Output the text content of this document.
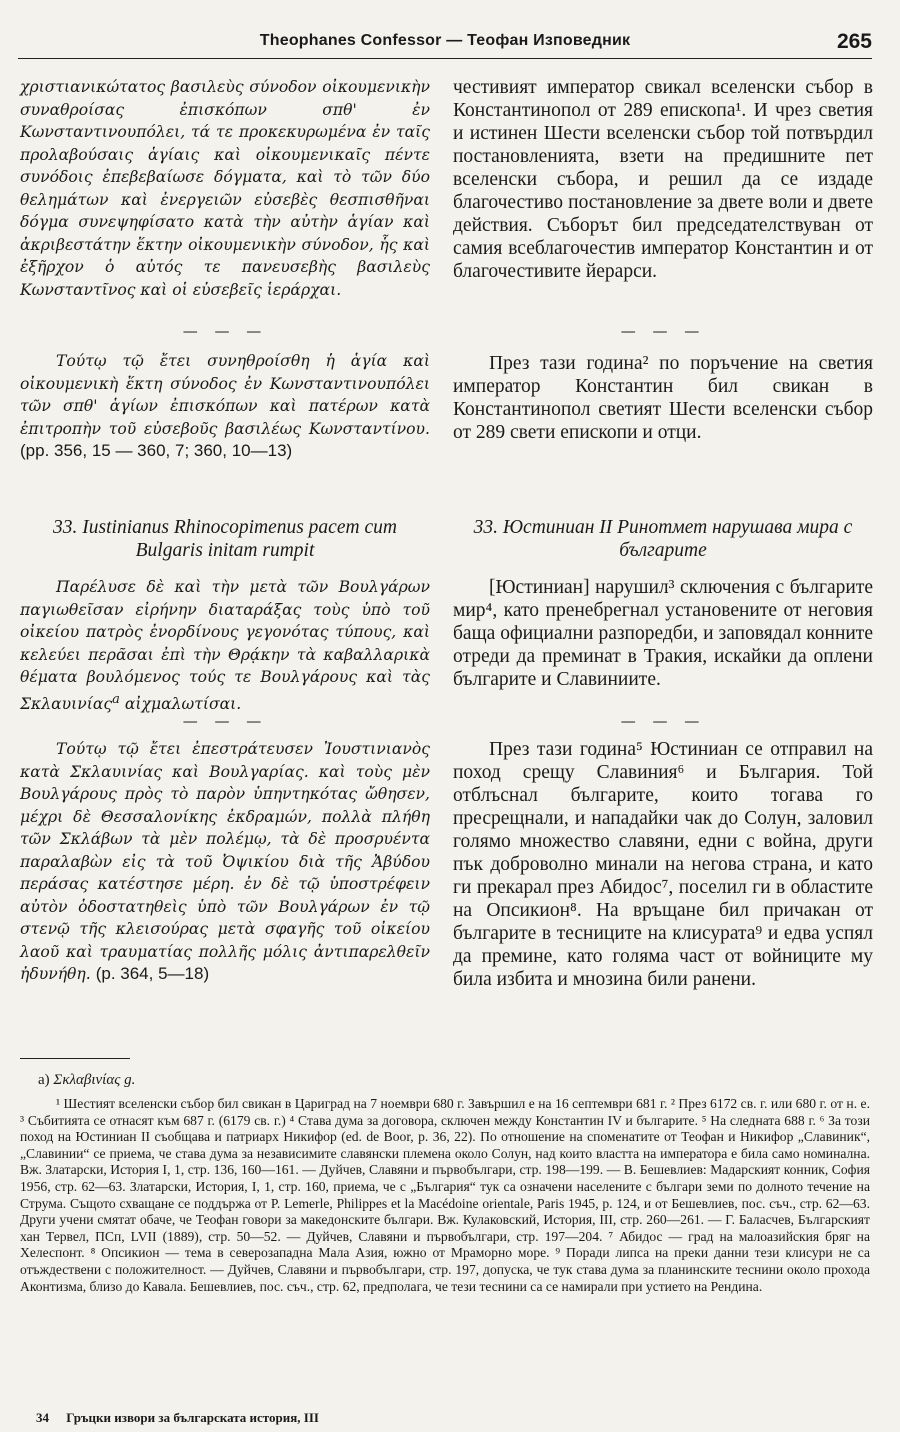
Theophanes Confessor — Теофан Изповедник	265

χριστιανικώτατος βασιλεὺς σύνοδον οἰκουμενικὴν συναθροίσας ἐπισκόπων σπθ' ἐν Κωνσταντινουπόλει, τά τε προκεκυρωμένα ἐν ταῖς προλαβούσαις ἁγίαις καὶ οἰκουμενικαῖς πέντε συνόδοις ἐπεβεβαίωσε δόγματα, καὶ τὸ τῶν δύο θελημάτων καὶ ἐνεργειῶν εὐσεβὲς θεσπισθῆναι δόγμα συνεψηφίσατο κατὰ τὴν αὐτὴν ἁγίαν καὶ ἀκριβεστάτην ἕκτην οἰκουμενικὴν σύνοδον, ἧς καὶ ἐξῆρχον ὁ αὐτός τε πανευσεβὴς βασιλεὺς Κωνσταντῖνος καὶ οἱ εὐσεβεῖς ἱεράρχαι.

— — —

Τούτῳ τῷ ἔτει συνηθροίσθη ἡ ἁγία καὶ οἰκουμενικὴ ἕκτη σύνοδος ἐν Κωνσταντινουπόλει τῶν σπθ' ἁγίων ἐπισκόπων καὶ πατέρων κατὰ ἐπιτροπὴν τοῦ εὐσεβοῦς βασιλέως Κωνσταντίνου. (pp. 356, 15 — 360, 7; 360, 10—13)

33. Iustinianus Rhinocopimenus pacem cum Bulgaris initam rumpit

Παρέλυσε δὲ καὶ τὴν μετὰ τῶν Βουλγάρων παγιωθεῖσαν εἰρήνην διαταράξας τοὺς ὑπὸ τοῦ οἰκείου πατρὸς ἐνορδίνους γεγονότας τύπους, καὶ κελεύει περᾶσαι ἐπὶ τὴν Θρᾴκην τὰ καβαλλαρικὰ θέματα βουλόμενος τούς τε Βουλγάρους καὶ τὰς Σκλαυινίας$^a$ αἰχμαλωτίσαι.

— — —

Τούτῳ τῷ ἔτει ἐπεστράτευσεν Ἰουστινιανὸς κατὰ Σκλαυινίας καὶ Βουλγαρίας. καὶ τοὺς μὲν Βουλγάρους πρὸς τὸ παρὸν ὑπηντηκότας ὤθησεν, μέχρι δὲ Θεσσαλονίκης ἐκδραμών, πολλὰ πλήθη τῶν Σκλάβων τὰ μὲν πολέμῳ, τὰ δὲ προσρυέντα παραλαβὼν εἰς τὰ τοῦ Ὀψικίου διὰ τῆς Ἀβύδου περάσας κατέστησε μέρη. ἐν δὲ τῷ ὑποστρέφειν αὐτὸν ὁδοστατηθεὶς ὑπὸ τῶν Βουλγάρων ἐν τῷ στενῷ τῆς κλεισούρας μετὰ σφαγῆς τοῦ οἰκείου λαοῦ καὶ τραυματίας πολλῆς μόλις ἀντιπαρελθεῖν ἠδυνήθη. (p. 364, 5—18)

честивият император свикал вселенски събор в Константинопол от 289 епископа¹. И чрез светия и истинен Шести вселенски събор той потвърдил постановленията, взети на предишните пет вселенски събора, и решил да се издаде благочестиво постановление за двете воли и двете действия. Съборът бил председателствуван от самия всеблагочестив император Константин и от благочестивите йерарси.

— — —

През тази година² по поръчение на светия император Константин бил свикан в Константинопол светият Шести вселенски събор от 289 свети епископи и отци.

33. Юстиниан II Ринотмет нарушава мира с българите

[Юстиниан] нарушил³ сключения с българите мир⁴, като пренебрегнал установените от неговия баща официални разпоредби, и заповядал конните отреди да преминат в Тракия, искайки да оплени българите и Славиниите.

— — —

През тази година⁵ Юстиниан се отправил на поход срещу Славиния⁶ и България. Той отблъснал българите, които тогава го пресрещнали, и нападайки чак до Солун, заловил голямо множество славяни, едни с война, други пък доброволно минали на негова страна, и като ги прекарал през Абидос⁷, поселил ги в областите на Опсикион⁸. На връщане бил причакан от българите в тесниците на клисурата⁹ и едва успял да премине, като голяма част от войниците му била избита и мнозина били ранени.

a) Σκλαβινίας g.

¹ Шестият вселенски събор бил свикан в Цариград на 7 ноември 680 г. Завършил е на 16 септември 681 г. ² През 6172 св. г. или 680 г. от н. е. ³ Събитията се отнасят към 687 г. (6179 св. г.) ⁴ Става дума за договора, сключен между Константин IV и българите. ⁵ На следната 688 г. ⁶ За този поход на Юстиниан II съобщава и патриарх Никифор (ed. de Boor, p. 36, 22). По отношение на споменатите от Теофан и Никифор „Славиник“, „Славинии“ се приема, че става дума за независимите славянски племена около Солун, над които властта на императора е била само номинална. Вж. Златарски, История I, 1, стр. 136, 160—161. — Дуйчев, Славяни и първобългари, стр. 198—199. — В. Бешевлиев: Мадарският конник, София 1956, стр. 62—63. Златарски, История, I, 1, стр. 160, приема, че с „България“ тук са означени населените с българи земи по долното течение на Струма. Същото схващане се поддържа от P. Lemerle, Philippes et la Macédoine orientale, Paris 1945, p. 124, и от Бешевлиев, пос. съч., стр. 62—63. Други учени смятат обаче, че Теофан говори за македонските българи. Вж. Кулаковский, История, III, стр. 260—261. — Г. Баласчев, Българският хан Тервел, ПСп, LVII (1889), стр. 50—52. — Дуйчев, Славяни и първобългари, стр. 197—204. ⁷ Абидос — град на малоазийския бряг на Хелеспонт. ⁸ Опсикион — тема в северозападна Мала Азия, южно от Мраморно море. ⁹ Поради липса на преки данни тези клисури не са отъждествени с положителност. — Дуйчев, Славяни и първобългари, стр. 197, допуска, че тук става дума за планинските теснини около прохода Аконтизма, близо до Кавала. Бешевлиев, пос. съч., стр. 62, предполага, че тези теснини са се намирали при устието на Рендина.

34 Гръцки извори за българската история, III
